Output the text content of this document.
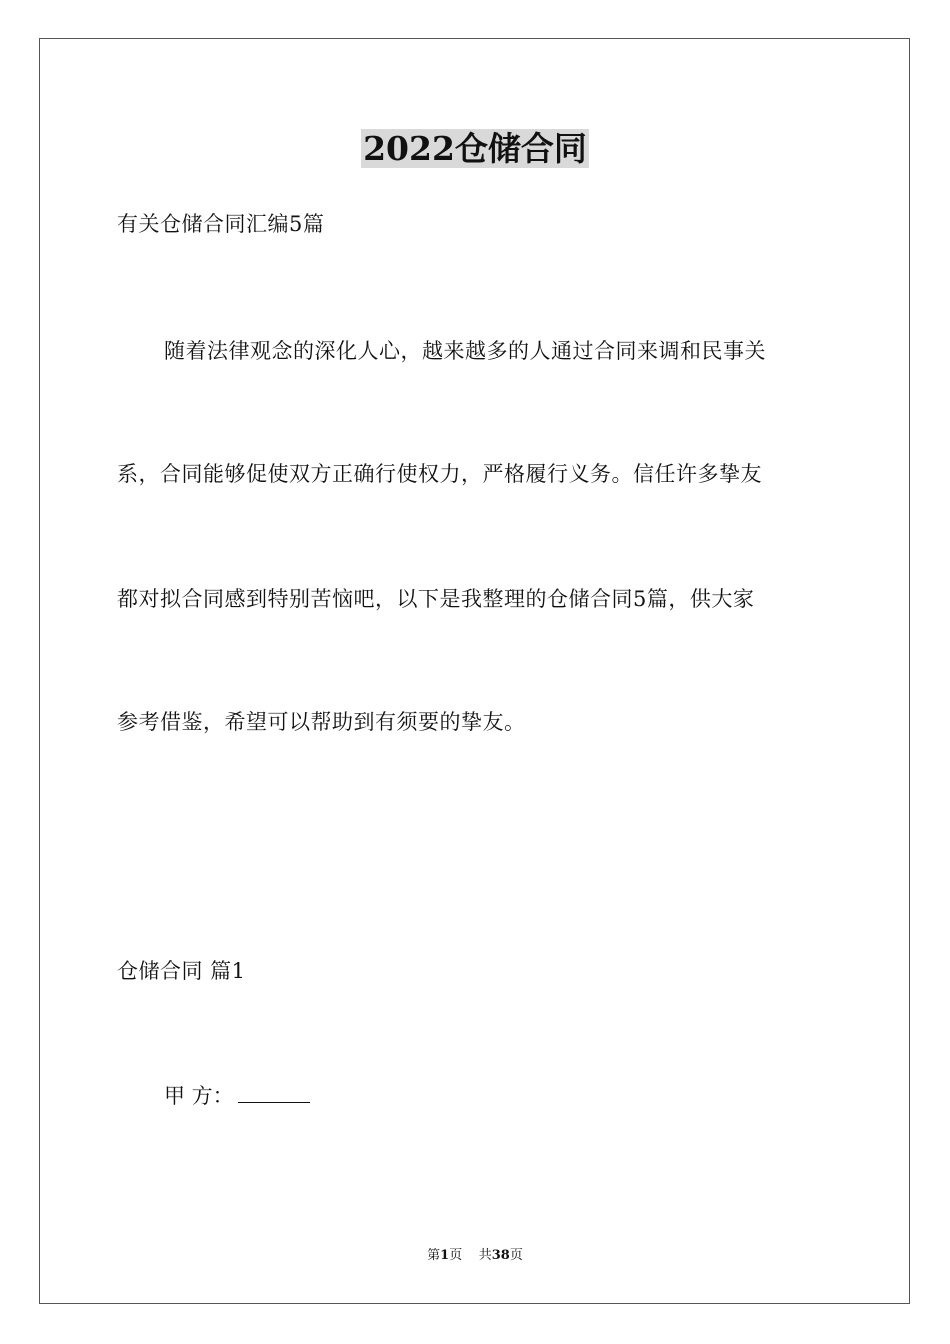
2022仓储合同
有关仓储合同汇编5篇
随着法律观念的深化人心，越来越多的人通过合同来调和民事关
系，合同能够促使双方正确行使权力，严格履行义务。信任许多挚友
都对拟合同感到特别苦恼吧，以下是我整理的仓储合同5篇，供大家
参考借鉴，希望可以帮助到有须要的挚友。
仓储合同 篇1
甲 方：
第1页 共38页
